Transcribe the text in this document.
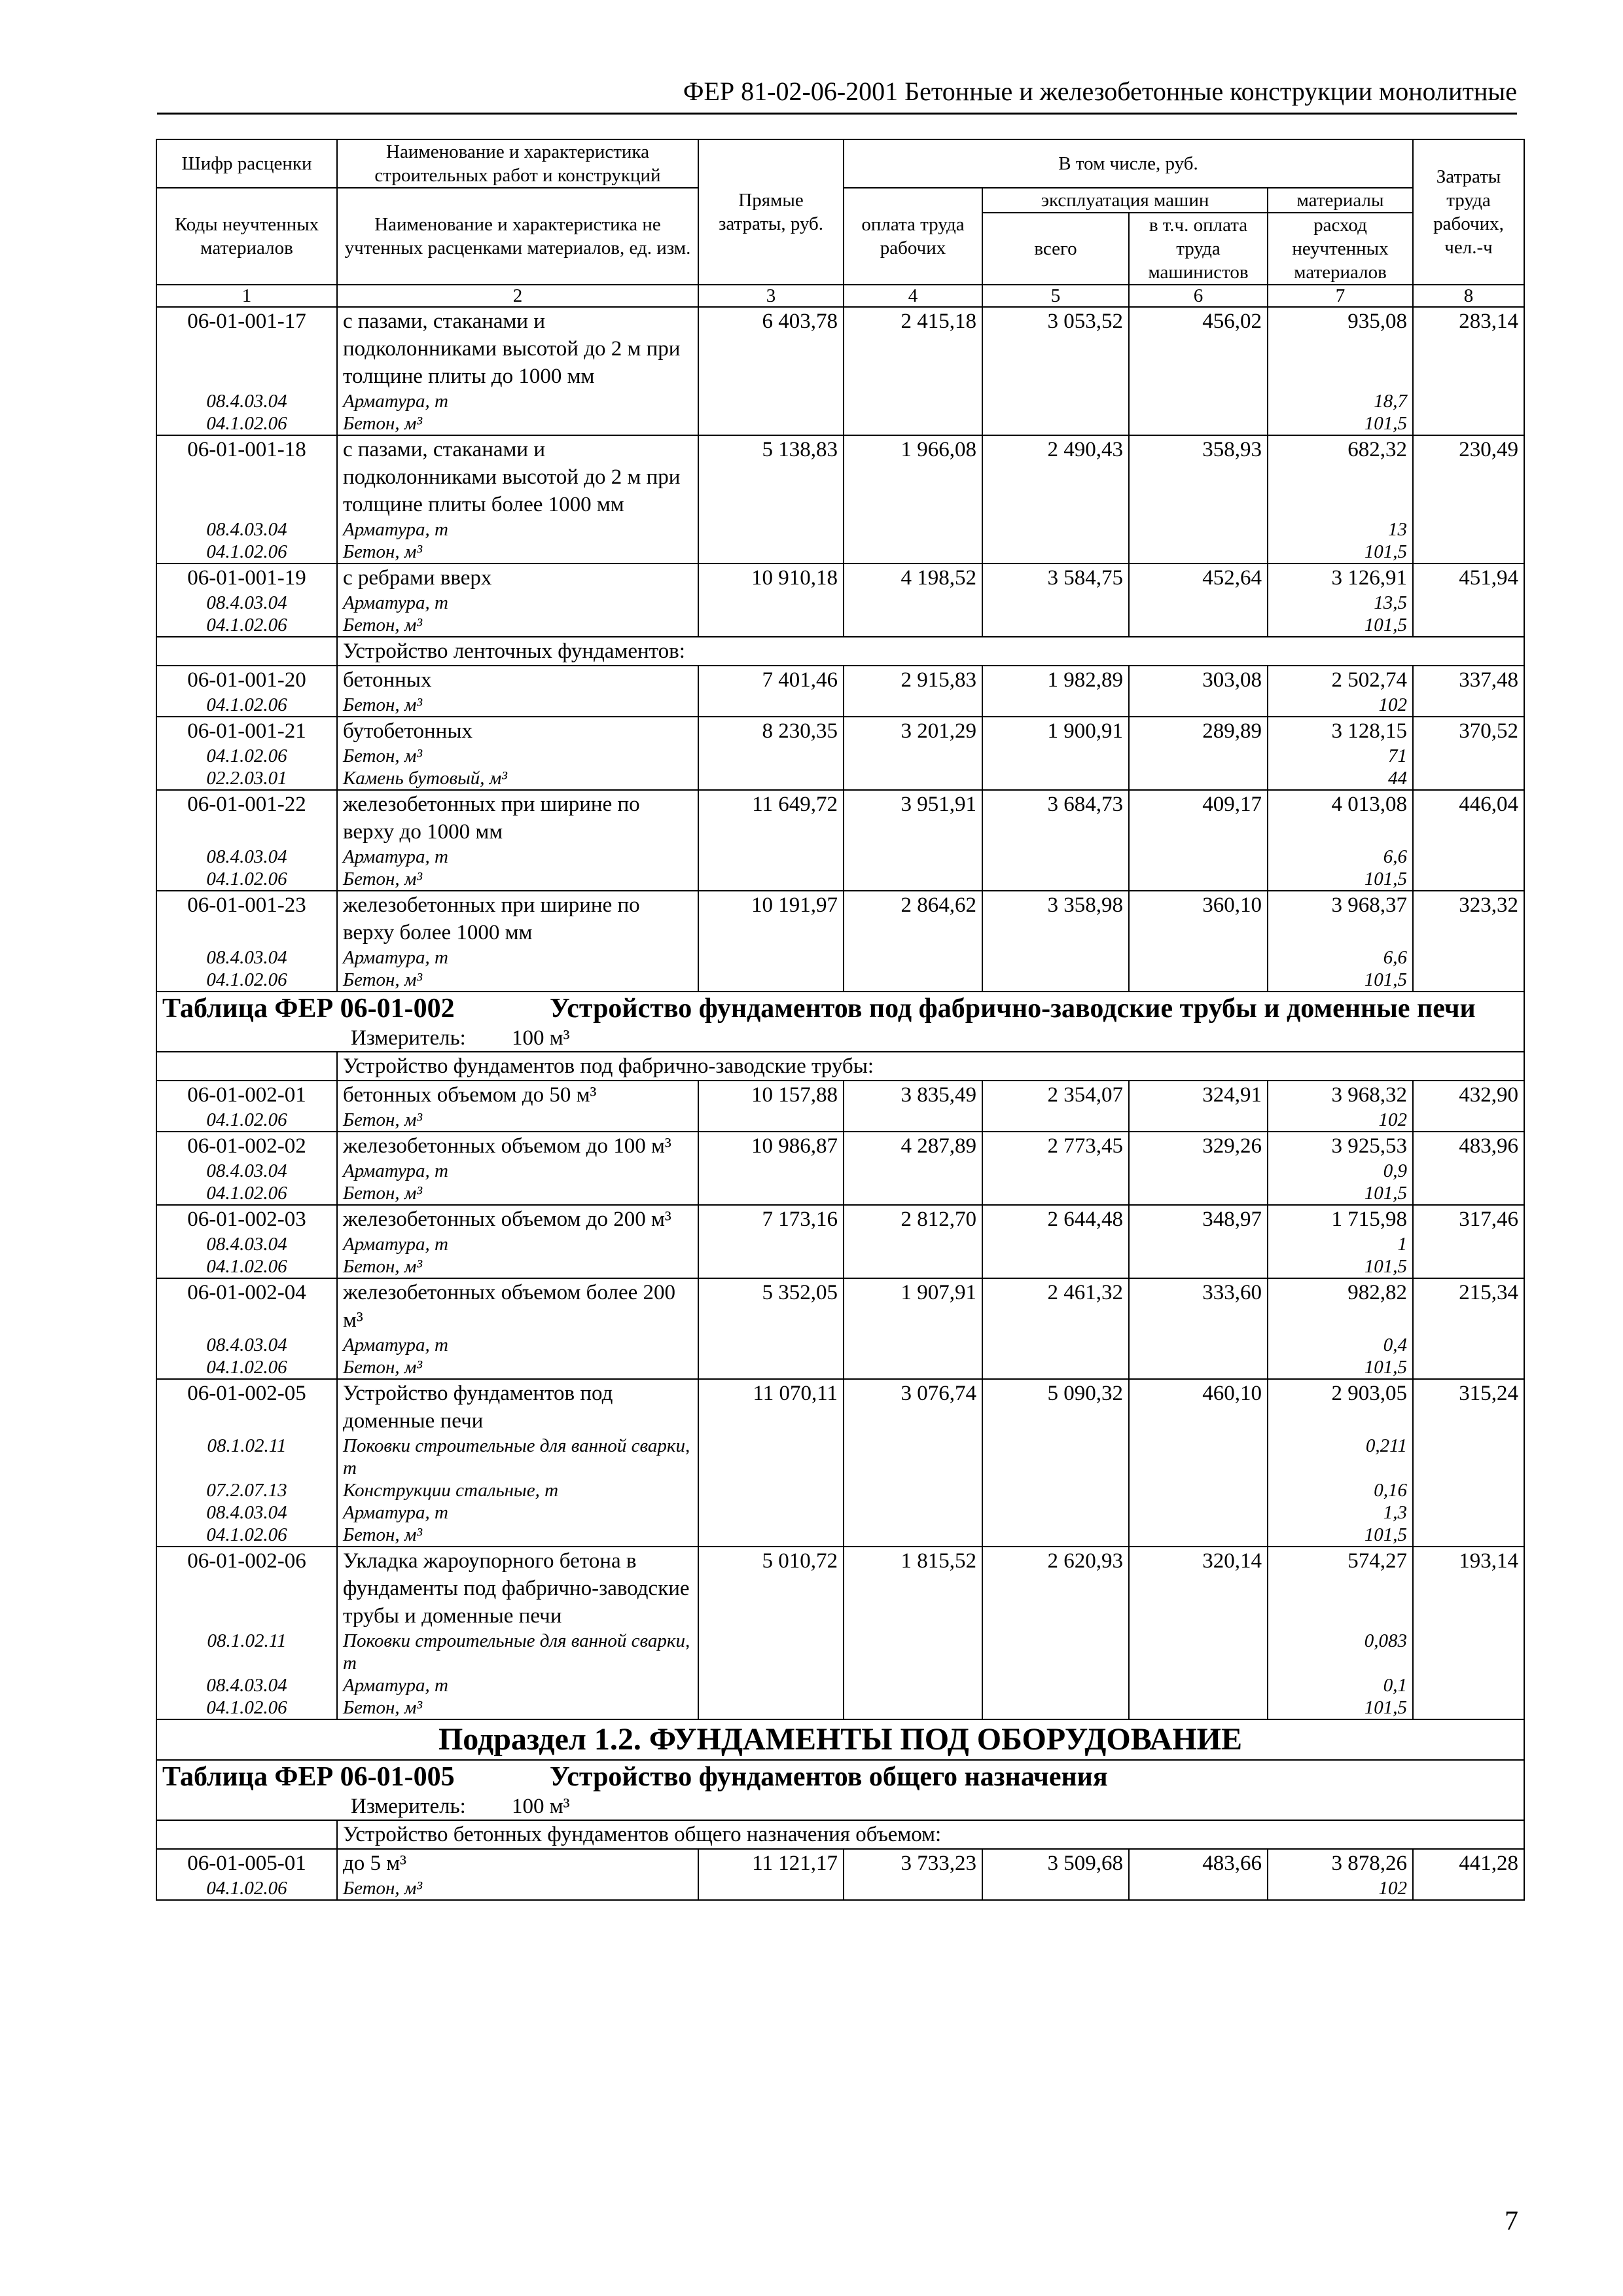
ФЕР 81-02-06-2001 Бетонные и железобетонные конструкции монолитные
Шифр расценки	Наименование и характеристика строительных работ и конструкций	Прямые затраты, руб.	В том числе, руб.				Затраты труда рабочих, чел.-ч
Коды неучтенных материалов	Наименование и характеристика не учтенных расценками материалов, ед. изм.		оплата труда рабочих	эксплуатация машин		материалы	
				всего	в т.ч. оплата труда машинистов	расход неучтенных материалов	
1	2	3	4	5	6	7	8
06-01-001-17	с пазами, стаканами и подколонниками высотой до 2 м при толщине плиты до 1000 мм	6 403,78	2 415,18	3 053,52	456,02	935,08	283,14
08.4.03.04	Арматура, т					18,7	
04.1.02.06	Бетон, м³					101,5	
06-01-001-18	с пазами, стаканами и подколонниками высотой до 2 м при толщине плиты более 1000 мм	5 138,83	1 966,08	2 490,43	358,93	682,32	230,49
08.4.03.04	Арматура, т					13	
04.1.02.06	Бетон, м³					101,5	
06-01-001-19	с ребрами вверх	10 910,18	4 198,52	3 584,75	452,64	3 126,91	451,94
08.4.03.04	Арматура, т					13,5	
04.1.02.06	Бетон, м³					101,5	
	Устройство ленточных фундаментов:						
06-01-001-20	бетонных	7 401,46	2 915,83	1 982,89	303,08	2 502,74	337,48
04.1.02.06	Бетон, м³					102	
06-01-001-21	бутобетонных	8 230,35	3 201,29	1 900,91	289,89	3 128,15	370,52
04.1.02.06	Бетон, м³					71	
02.2.03.01	Камень бутовый, м³					44	
06-01-001-22	железобетонных при ширине по верху до 1000 мм	11 649,72	3 951,91	3 684,73	409,17	4 013,08	446,04
08.4.03.04	Арматура, т					6,6	
04.1.02.06	Бетон, м³					101,5	
06-01-001-23	железобетонных при ширине по верху более 1000 мм	10 191,97	2 864,62	3 358,98	360,10	3 968,37	323,32
08.4.03.04	Арматура, т					6,6	
04.1.02.06	Бетон, м³					101,5	
Таблица ФЕР 06-01-002 Устройство фундаментов под фабрично-заводские трубы и доменные печи							
Измеритель: 100 м³							
	Устройство фундаментов под фабрично-заводские трубы:						
06-01-002-01	бетонных объемом до 50 м³	10 157,88	3 835,49	2 354,07	324,91	3 968,32	432,90
04.1.02.06	Бетон, м³					102	
06-01-002-02	железобетонных объемом до 100 м³	10 986,87	4 287,89	2 773,45	329,26	3 925,53	483,96
08.4.03.04	Арматура, т					0,9	
04.1.02.06	Бетон, м³					101,5	
06-01-002-03	железобетонных объемом до 200 м³	7 173,16	2 812,70	2 644,48	348,97	1 715,98	317,46
08.4.03.04	Арматура, т					1	
04.1.02.06	Бетон, м³					101,5	
06-01-002-04	железобетонных объемом более 200 м³	5 352,05	1 907,91	2 461,32	333,60	982,82	215,34
08.4.03.04	Арматура, т					0,4	
04.1.02.06	Бетон, м³					101,5	
06-01-002-05	Устройство фундаментов под доменные печи	11 070,11	3 076,74	5 090,32	460,10	2 903,05	315,24
08.1.02.11	Поковки строительные для ванной сварки, т					0,211	
07.2.07.13	Конструкции стальные, т					0,16	
08.4.03.04	Арматура, т					1,3	
04.1.02.06	Бетон, м³					101,5	
06-01-002-06	Укладка жароупорного бетона в фундаменты под фабрично-заводские трубы и доменные печи	5 010,72	1 815,52	2 620,93	320,14	574,27	193,14
08.1.02.11	Поковки строительные для ванной сварки, т					0,083	
08.4.03.04	Арматура, т					0,1	
04.1.02.06	Бетон, м³					101,5	
Подраздел 1.2. ФУНДАМЕНТЫ ПОД ОБОРУДОВАНИЕ							
Таблица ФЕР 06-01-005 Устройство фундаментов общего назначения							
Измеритель: 100 м³							
	Устройство бетонных фундаментов общего назначения объемом:						
06-01-005-01	до 5 м³	11 121,17	3 733,23	3 509,68	483,66	3 878,26	441,28
04.1.02.06	Бетон, м³					102	
7
